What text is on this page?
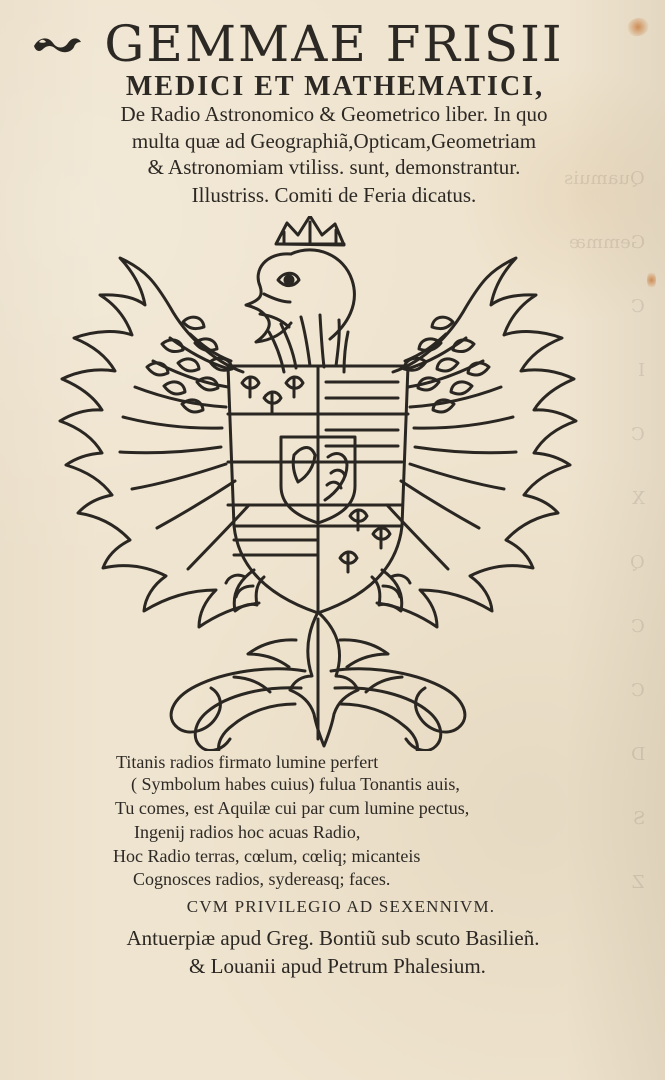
Quamuis
Gemmæ
C
I
C
X
Q
C
C
D
S
Z
GEMMAE FRISII
MEDICI ET MATHEMATICI,
De Radio Astronomico & Geometrico liber. In quo
multa quæ ad Geographiã,Opticam,Geometriam
& Astronomiam vtiliss. sunt, demonstrantur.
Illustriss. Comiti de Feria dicatus.
Titanis radios firmato lumine perfert
( Symbolum habes cuius) fulua Tonantis auis,
Tu comes, est Aquilæ cui par cum lumine pectus,
Ingenij radios hoc acuas Radio,
Hoc Radio terras, cœlum, cœliq; micanteis
Cognosces radios, sydereasq; faces.
CVM PRIVILEGIO AD SEXENNIVM.
Antuerpiæ apud Greg. Bontiũ sub scuto Basilieñ.
& Louanii apud Petrum Phalesium.
